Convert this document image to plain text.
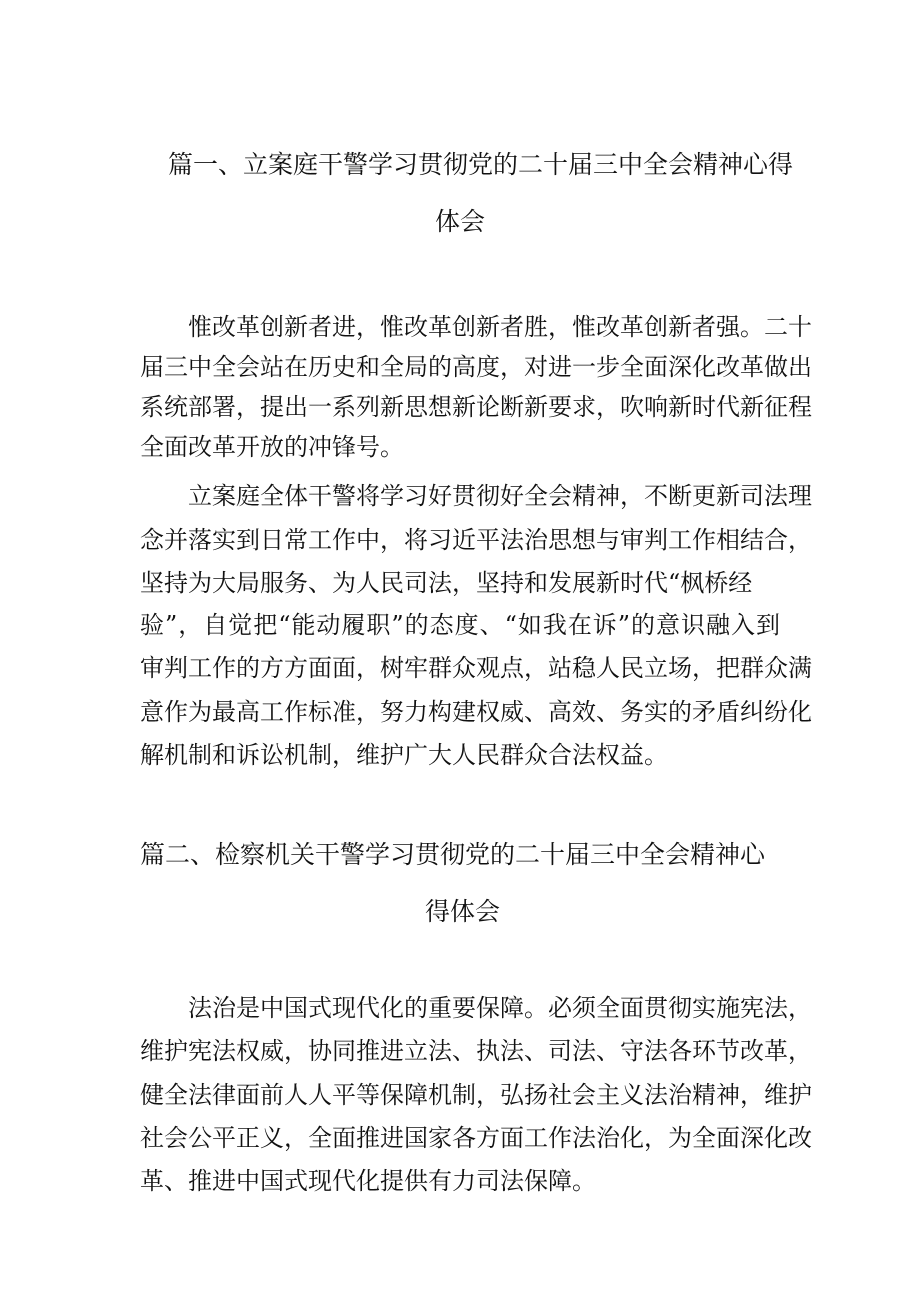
篇一、立案庭干警学习贯彻党的二十届三中全会精神心得
体会
惟改革创新者进，惟改革创新者胜，惟改革创新者强。二十
届三中全会站在历史和全局的高度，对进一步全面深化改革做出
系统部署，提出一系列新思想新论断新要求，吹响新时代新征程
全面改革开放的冲锋号。
立案庭全体干警将学习好贯彻好全会精神，不断更新司法理
念并落实到日常工作中，将习近平法治思想与审判工作相结合，
坚持为大局服务、为人民司法，坚持和发展新时代“枫桥经
验”，自觉把“能动履职”的态度、“如我在诉”的意识融入到
审判工作的方方面面，树牢群众观点，站稳人民立场，把群众满
意作为最高工作标准，努力构建权威、高效、务实的矛盾纠纷化
解机制和诉讼机制，维护广大人民群众合法权益。
篇二、检察机关干警学习贯彻党的二十届三中全会精神心
得体会
法治是中国式现代化的重要保障。必须全面贯彻实施宪法，
维护宪法权威，协同推进立法、执法、司法、守法各环节改革，
健全法律面前人人平等保障机制，弘扬社会主义法治精神，维护
社会公平正义，全面推进国家各方面工作法治化，为全面深化改
革、推进中国式现代化提供有力司法保障。
